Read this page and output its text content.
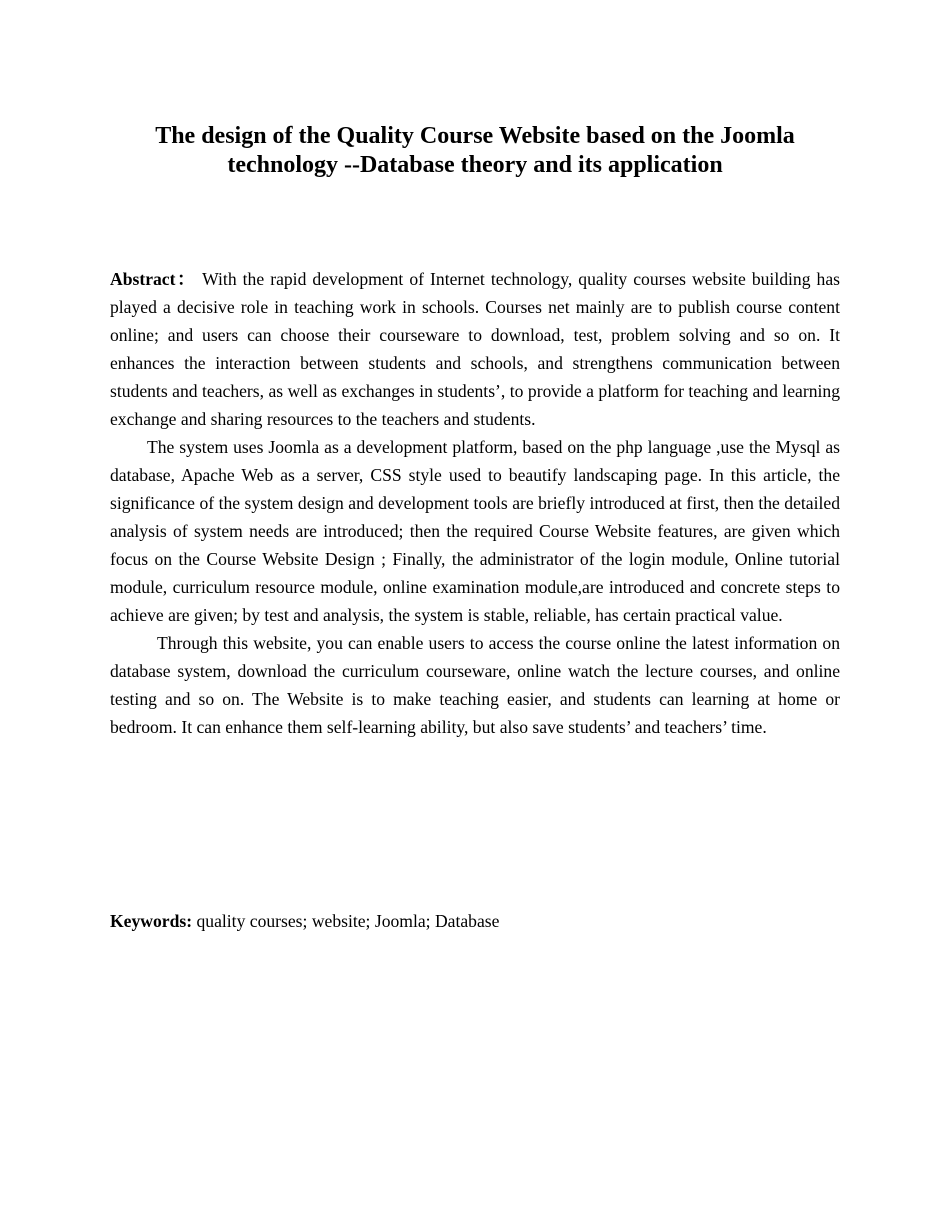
The design of the Quality Course Website based on the Joomla
technology --Database theory and its application

Abstract： With the rapid development of Internet technology, quality courses website building has played a decisive role in teaching work in schools. Courses net mainly are to publish course content online; and users can choose their courseware to download, test, problem solving and so on. It enhances the interaction between students and schools, and strengthens communication between students and teachers, as well as exchanges in students’, to provide a platform for teaching and learning exchange and sharing resources to the teachers and students.

The system uses Joomla as a development platform, based on the php language ,use the Mysql as database, Apache Web as a server, CSS style used to beautify landscaping page. In this article, the significance of the system design and development tools are briefly introduced at first, then the detailed analysis of system needs are introduced; then the required Course Website features, are given which focus on the Course Website Design ; Finally, the administrator of the login module, Online tutorial module, curriculum resource module, online examination module,are introduced and concrete steps to achieve are given; by test and analysis, the system is stable, reliable, has certain practical value.

Through this website, you can enable users to access the course online the latest information on database system, download the curriculum courseware, online watch the lecture courses, and online testing and so on. The Website is to make teaching easier, and students can learning at home or bedroom. It can enhance them self-learning ability, but also save students’ and teachers’ time.

Keywords: quality courses; website; Joomla; Database
